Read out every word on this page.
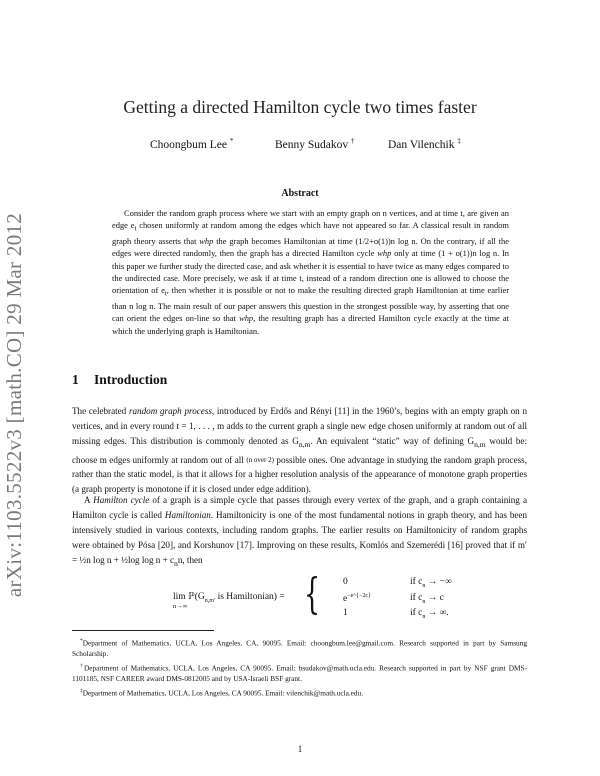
arXiv:1103.5522v3 [math.CO] 29 Mar 2012
Getting a directed Hamilton cycle two times faster
Choongbum Lee *	Benny Sudakov †	Dan Vilenchik ‡
Abstract

Consider the random graph process where we start with an empty graph on n vertices, and at time t, are given an edge $e_t$ chosen uniformly at random among the edges which have not appeared so far. A classical result in random graph theory asserts that whp the graph becomes Hamiltonian at time (1/2+o(1))n log n. On the contrary, if all the edges were directed randomly, then the graph has a directed Hamilton cycle whp only at time (1 + o(1))n log n. In this paper we further study the directed case, and ask whether it is essential to have twice as many edges compared to the undirected case. More precisely, we ask if at time t, instead of a random direction one is allowed to choose the orientation of $e_t$, then whether it is possible or not to make the resulting directed graph Hamiltonian at time earlier than n log n. The main result of our paper answers this question in the strongest possible way, by asserting that one can orient the edges on-line so that whp, the resulting graph has a directed Hamilton cycle exactly at the time at which the underlying graph is Hamiltonian.

1 Introduction

The celebrated random graph process, introduced by Erdős and Rényi [11] in the 1960’s, begins with an empty graph on n vertices, and in every round t = 1, . . . , m adds to the current graph a single new edge chosen uniformly at random out of all missing edges. This distribution is commonly denoted as $G_{n,m}$. An equivalent “static” way of defining $G_{n,m}$ would be: choose m edges uniformly at random out of all (n over 2) possible ones. One advantage in studying the random graph process, rather than the static model, is that it allows for a higher resolution analysis of the appearance of monotone graph properties (a graph property is monotone if it is closed under edge addition).

A Hamilton cycle of a graph is a simple cycle that passes through every vertex of the graph, and a graph containing a Hamilton cycle is called Hamiltonian. Hamiltonicity is one of the most fundamental notions in graph theory, and has been intensively studied in various contexts, including random graphs. The earlier results on Hamiltonicity of random graphs were obtained by Pósa [20], and Korshunov [17]. Improving on these results, Komlós and Szemerédi [16] proved that if m′ = ½n log n + ½log $\log n + c_nn$, then

$\lim ℙ(G_{n,m'}$ is Hamiltonian) =
n→∞	{ 0
$e^{-e\^{}\{-2c\}}$
1
if $c_n$ → −∞
if $c_n \to c$
if $c_n$ → ∞.

*Department of Mathematics, UCLA, Los Angeles, CA, 90095. Email: choongbum.lee@gmail.com. Research supported in part by Samsung Scholarship.

†Department of Mathematics, UCLA, Los Angeles, CA 90095. Email: bsudakov@math.ucla.edu. Research supported in part by NSF grant DMS-1101185, NSF CAREER award DMS-0812005 and by USA-Israeli BSF grant.

‡Department of Mathematics, UCLA, Los Angeles, CA 90095. Email: vilenchik@math.ucla.edu.

1
